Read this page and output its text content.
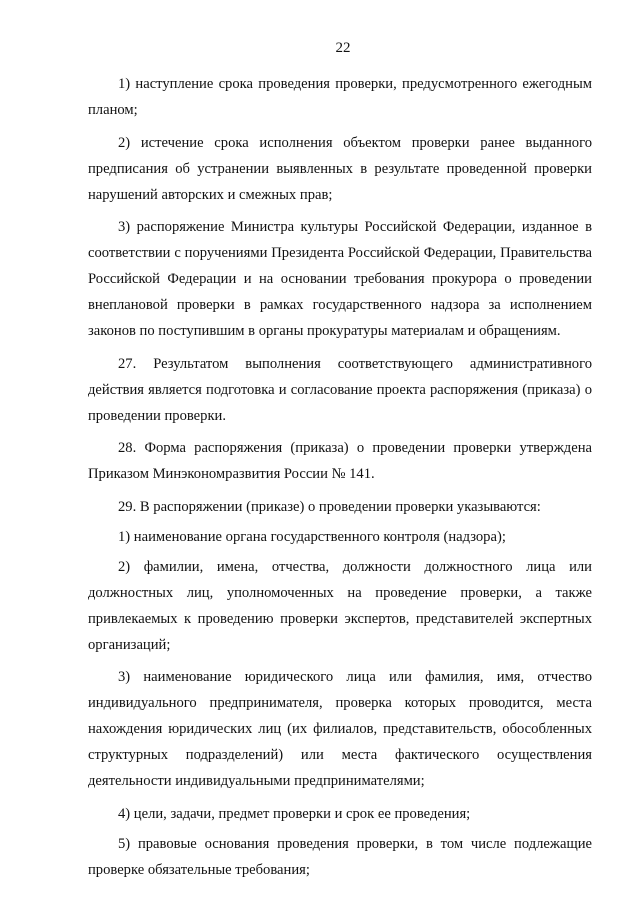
22

1) наступление срока проведения проверки, предусмотренного ежегодным планом;

2) истечение срока исполнения объектом проверки ранее выданного предписания об устранении выявленных в результате проведенной проверки нарушений авторских и смежных прав;

3) распоряжение Министра культуры Российской Федерации, изданное в соответствии с поручениями Президента Российской Федерации, Правительства Российской Федерации и на основании требования прокурора о проведении внеплановой проверки в рамках государственного надзора за исполнением законов по поступившим в органы прокуратуры материалам и обращениям.

27. Результатом выполнения соответствующего административного действия является подготовка и согласование проекта распоряжения (приказа) о проведении проверки.

28. Форма распоряжения (приказа) о проведении проверки утверждена Приказом Минэкономразвития России № 141.

29. В распоряжении (приказе) о проведении проверки указываются:

1) наименование органа государственного контроля (надзора);

2) фамилии, имена, отчества, должности должностного лица или должностных лиц, уполномоченных на проведение проверки, а также привлекаемых к проведению проверки экспертов, представителей экспертных организаций;

3) наименование юридического лица или фамилия, имя, отчество индивидуального предпринимателя, проверка которых проводится, места нахождения юридических лиц (их филиалов, представительств, обособленных структурных подразделений) или места фактического осуществления деятельности индивидуальными предпринимателями;

4) цели, задачи, предмет проверки и срок ее проведения;

5) правовые основания проведения проверки, в том числе подлежащие проверке обязательные требования;
